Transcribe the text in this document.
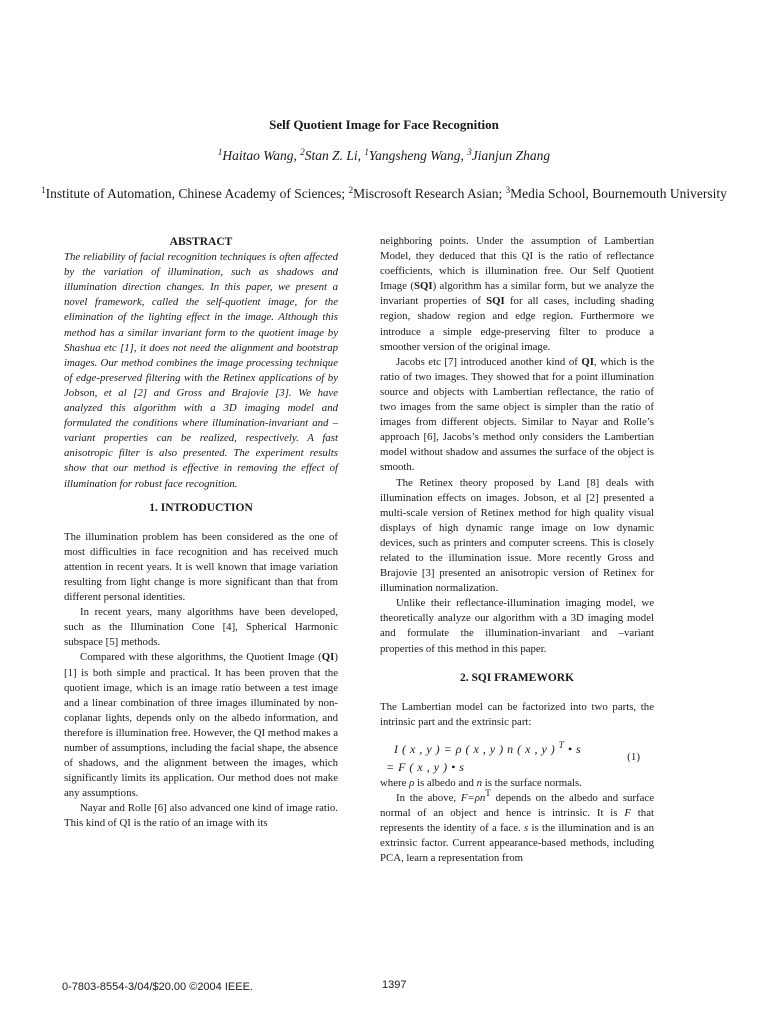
Self Quotient Image for Face Recognition
$^1$Haitao Wang, $^2$Stan Z. Li, $^1$Yangsheng Wang, $^3$Jianjun Zhang
$^1$Institute of Automation, Chinese Academy of Sciences; $^2$Miscrosoft Research Asian; $^3$Media School, Bournemouth University
ABSTRACT

The reliability of facial recognition techniques is often affected by the variation of illumination, such as shadows and illumination direction changes. In this paper, we present a novel framework, called the self-quotient image, for the elimination of the lighting effect in the image. Although this method has a similar invariant form to the quotient image by Shashua etc [1], it does not need the alignment and bootstrap images. Our method combines the image processing technique of edge-preserved filtering with the Retinex applications of by Jobson, et al [2] and Gross and Brajovie [3]. We have analyzed this algorithm with a 3D imaging model and formulated the conditions where illumination-invariant and –variant properties can be realized, respectively. A fast anisotropic filter is also presented. The experiment results show that our method is effective in removing the effect of illumination for robust face recognition.

1. INTRODUCTION

The illumination problem has been considered as the one of most difficulties in face recognition and has received much attention in recent years. It is well known that image variation resulting from light change is more significant than that from different personal identities.

In recent years, many algorithms have been developed, such as the Illumination Cone [4], Spherical Harmonic subspace [5] methods.

Compared with these algorithms, the Quotient Image (QI) [1] is both simple and practical. It has been proven that the quotient image, which is an image ratio between a test image and a linear combination of three images illuminated by non-coplanar lights, depends only on the albedo information, and therefore is illumination free. However, the QI method makes a number of assumptions, including the facial shape, the absence of shadows, and the alignment between the images, which significantly limits its application. Our method does not make any assumptions.

Nayar and Rolle [6] also advanced one kind of image ratio. This kind of QI is the ratio of an image with its

neighboring points. Under the assumption of Lambertian Model, they deduced that this QI is the ratio of reflectance coefficients, which is illumination free. Our Self Quotient Image (SQI) algorithm has a similar form, but we analyze the invariant properties of SQI for all cases, including shading region, shadow region and edge region. Furthermore we introduce a simple edge-preserving filter to produce a smoother version of the original image.

Jacobs etc [7] introduced another kind of QI, which is the ratio of two images. They showed that for a point illumination source and objects with Lambertian reflectance, the ratio of two images from the same object is simpler than the ratio of images from different objects. Similar to Nayar and Rolle’s approach [6], Jacobs’s method only considers the Lambertian model without shadow and assumes the surface of the object is smooth.

The Retinex theory proposed by Land [8] deals with illumination effects on images. Jobson, et al [2] presented a multi-scale version of Retinex method for high quality visual displays of high dynamic range image on low dynamic devices, such as printers and computer screens. This is closely related to the illumination issue. More recently Gross and Brajovie [3] presented an anisotropic version of Retinex for illumination normalization.

Unlike their reflectance-illumination imaging model, we theoretically analyze our algorithm with a 3D imaging model and formulate the illumination-invariant and –variant properties of this method in this paper.

2. SQI FRAMEWORK

The Lambertian model can be factorized into two parts, the intrinsic part and the extrinsic part:

I ( x , y ) = ρ ( x , y ) n ( x , y ) $^T$ • s
= F ( x , y ) • s
(1)

where ρ is albedo and n is the surface normals.

In the above, $F=\rho n^T$ depends on the albedo and surface normal of an object and hence is intrinsic. It is F that represents the identity of a face. s is the illumination and is an extrinsic factor. Current appearance-based methods, including PCA, learn a representation from

0-7803-8554-3/04/$20.00 ©2004 IEEE.	1397
